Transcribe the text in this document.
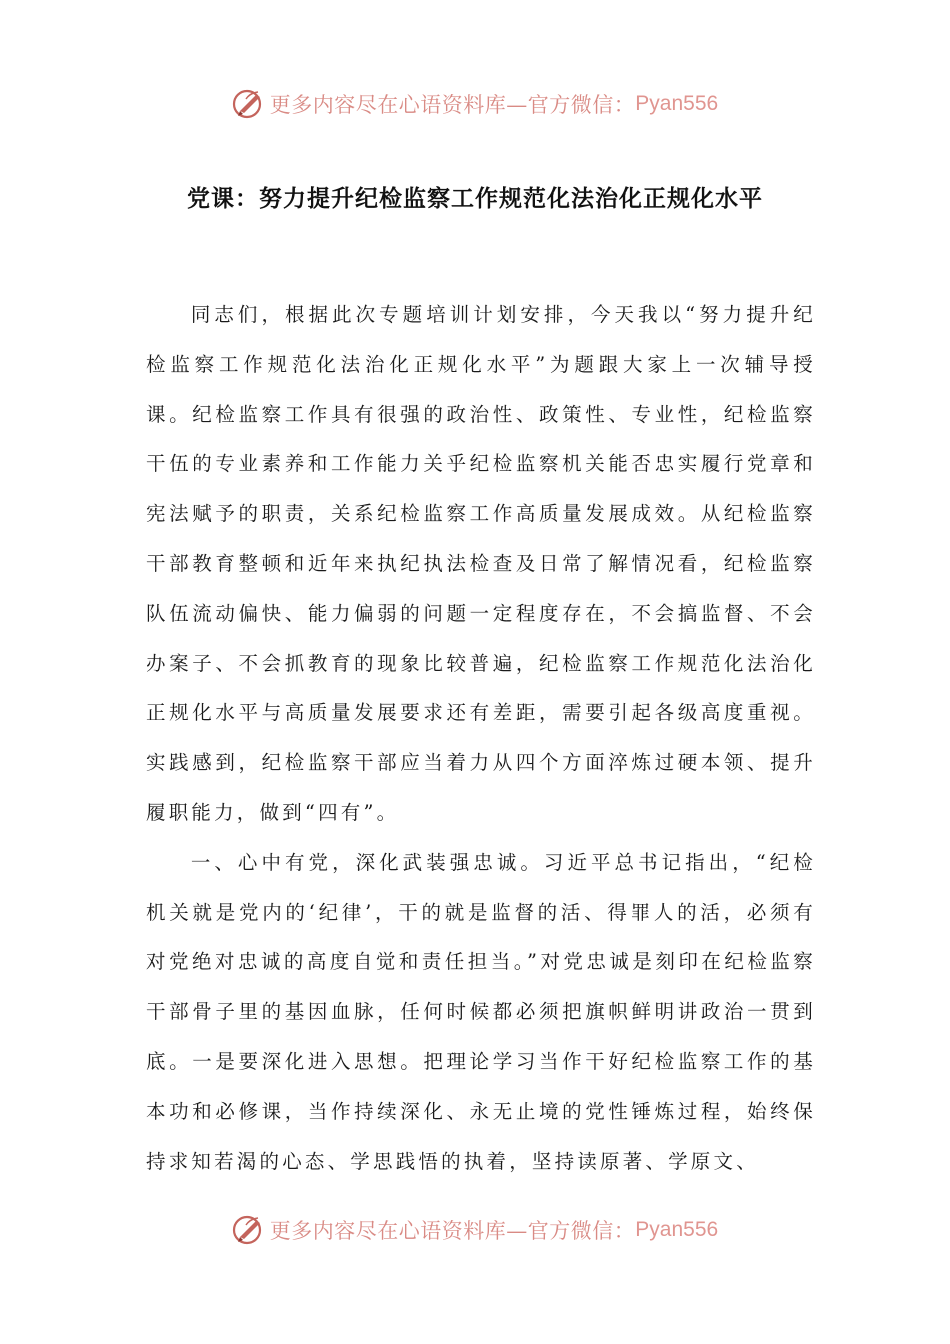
更多内容尽在心语资料库—官方微信： Pyan556
党课：努力提升纪检监察工作规范化法治化正规化水平

同志们，根据此次专题培训计划安排，今天我以“努力提升纪检监察工作规范化法治化正规化水平”为题跟大家上一次辅导授课。纪检监察工作具有很强的政治性、政策性、专业性，纪检监察干伍的专业素养和工作能力关乎纪检监察机关能否忠实履行党章和宪法赋予的职责，关系纪检监察工作高质量发展成效。从纪检监察干部教育整顿和近年来执纪执法检查及日常了解情况看，纪检监察队伍流动偏快、能力偏弱的问题一定程度存在，不会搞监督、不会办案子、不会抓教育的现象比较普遍，纪检监察工作规范化法治化正规化水平与高质量发展要求还有差距，需要引起各级高度重视。实践感到，纪检监察干部应当着力从四个方面淬炼过硬本领、提升履职能力，做到“四有”。

一、心中有党，深化武装强忠诚。习近平总书记指出，“纪检机关就是党内的‘纪律’，干的就是监督的活、得罪人的活，必须有对党绝对忠诚的高度自觉和责任担当。”对党忠诚是刻印在纪检监察干部骨子里的基因血脉，任何时候都必须把旗帜鲜明讲政治一贯到底。一是要深化进入思想。把理论学习当作干好纪检监察工作的基本功和必修课，当作持续深化、永无止境的党性锤炼过程，始终保持求知若渴的心态、学思践悟的执着，坚持读原著、学原文、

更多内容尽在心语资料库—官方微信： Pyan556
